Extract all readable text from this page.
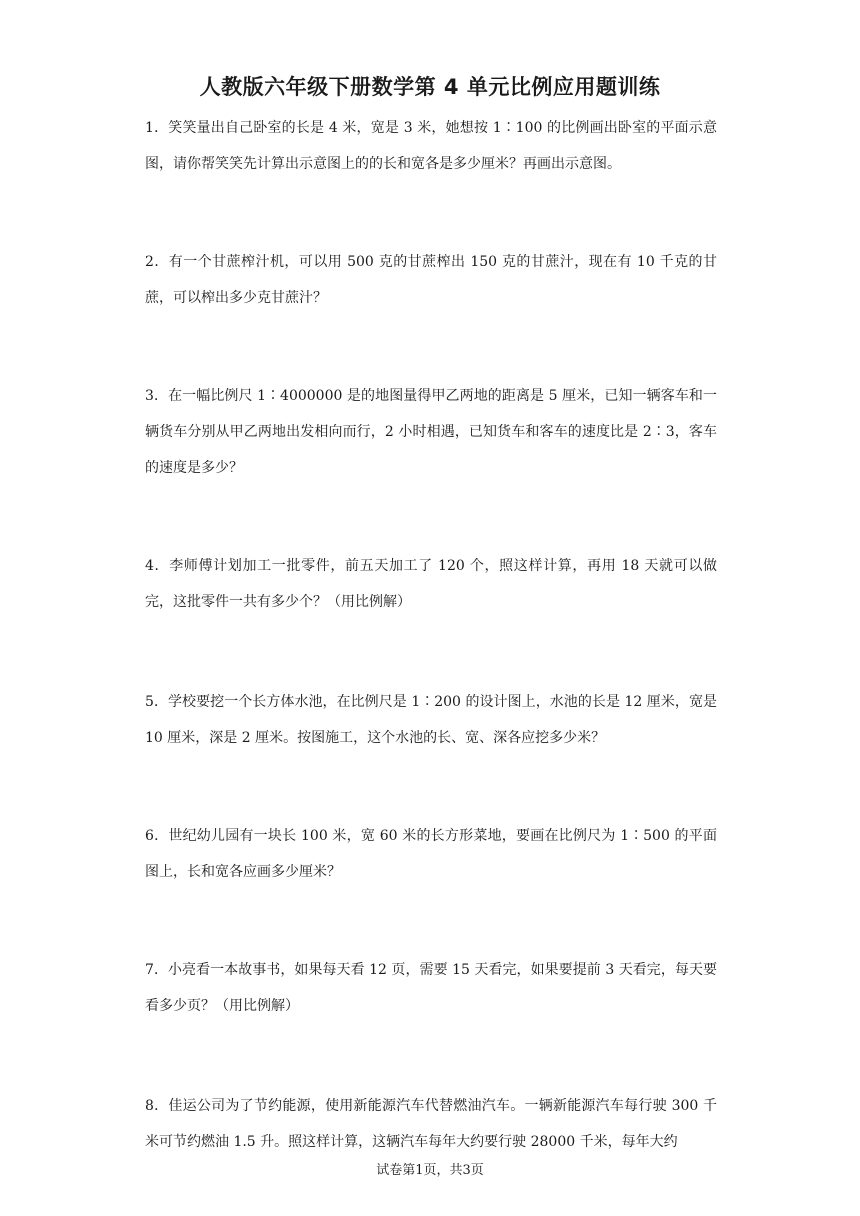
人教版六年级下册数学第 4 单元比例应用题训练

1．笑笑量出自己卧室的长是 4 米，宽是 3 米，她想按 1∶100 的比例画出卧室的平面示意图，请你帮笑笑先计算出示意图上的的长和宽各是多少厘米？再画出示意图。

2．有一个甘蔗榨汁机，可以用 500 克的甘蔗榨出 150 克的甘蔗汁，现在有 10 千克的甘蔗，可以榨出多少克甘蔗汁？

3．在一幅比例尺 1∶4000000 是的地图量得甲乙两地的距离是 5 厘米，已知一辆客车和一辆货车分别从甲乙两地出发相向而行，2 小时相遇，已知货车和客车的速度比是 2∶3，客车的速度是多少？

4．李师傅计划加工一批零件，前五天加工了 120 个，照这样计算，再用 18 天就可以做完，这批零件一共有多少个？（用比例解）

5．学校要挖一个长方体水池，在比例尺是 1∶200 的设计图上，水池的长是 12 厘米，宽是 10 厘米，深是 2 厘米。按图施工，这个水池的长、宽、深各应挖多少米？

6．世纪幼儿园有一块长 100 米，宽 60 米的长方形菜地，要画在比例尺为 1∶500 的平面图上，长和宽各应画多少厘米？

7．小亮看一本故事书，如果每天看 12 页，需要 15 天看完，如果要提前 3 天看完，每天要看多少页？（用比例解）

8．佳运公司为了节约能源，使用新能源汽车代替燃油汽车。一辆新能源汽车每行驶 300 千米可节约燃油 1.5 升。照这样计算，这辆汽车每年大约要行驶 28000 千米，每年大约

试卷第1页，共3页
